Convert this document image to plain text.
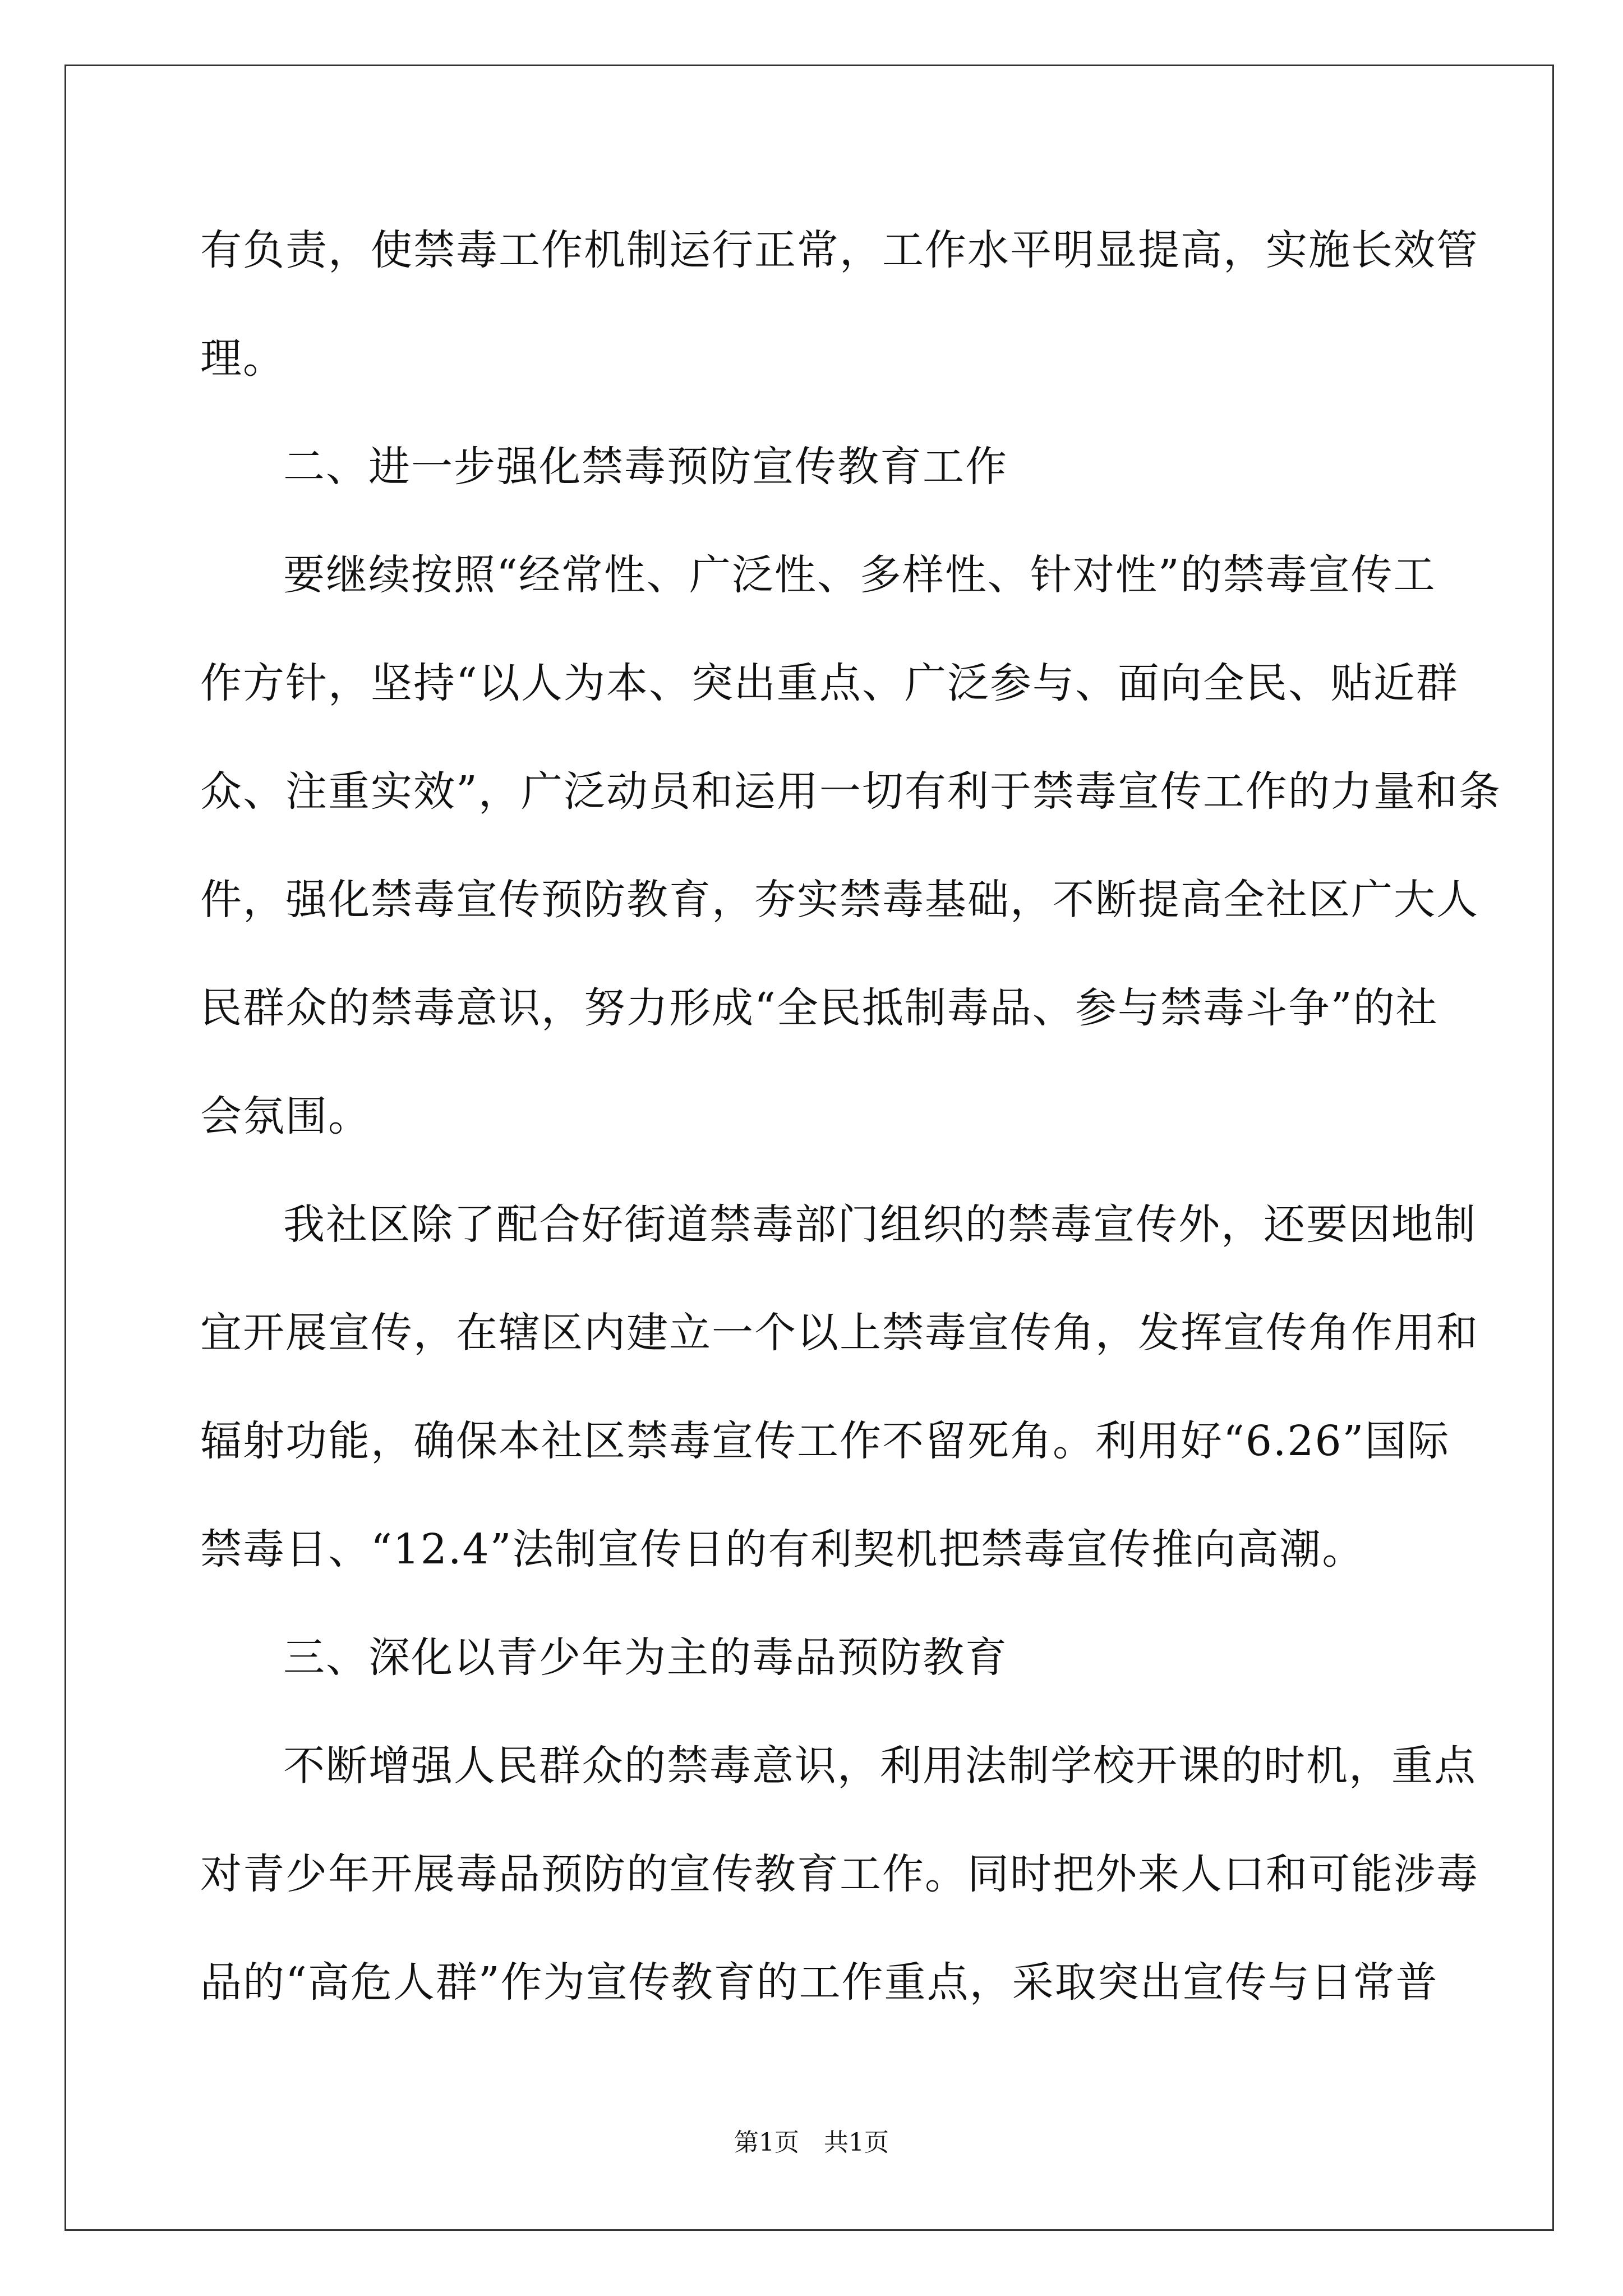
有负责，使禁毒工作机制运行正常，工作水平明显提高，实施长效管
理。
二、进一步强化禁毒预防宣传教育工作
要继续按照“经常性、广泛性、多样性、针对性”的禁毒宣传工
作方针，坚持“以人为本、突出重点、广泛参与、面向全民、贴近群
众、注重实效”，广泛动员和运用一切有利于禁毒宣传工作的力量和条
件，强化禁毒宣传预防教育，夯实禁毒基础，不断提高全社区广大人
民群众的禁毒意识，努力形成“全民抵制毒品、参与禁毒斗争”的社
会氛围。
我社区除了配合好街道禁毒部门组织的禁毒宣传外，还要因地制
宜开展宣传，在辖区内建立一个以上禁毒宣传角，发挥宣传角作用和
辐射功能，确保本社区禁毒宣传工作不留死角。利用好“6.26”国际
禁毒日、“12.4”法制宣传日的有利契机把禁毒宣传推向高潮。
三、深化以青少年为主的毒品预防教育
不断增强人民群众的禁毒意识，利用法制学校开课的时机，重点
对青少年开展毒品预防的宣传教育工作。同时把外来人口和可能涉毒
品的“高危人群”作为宣传教育的工作重点，采取突出宣传与日常普
第1页　共1页
